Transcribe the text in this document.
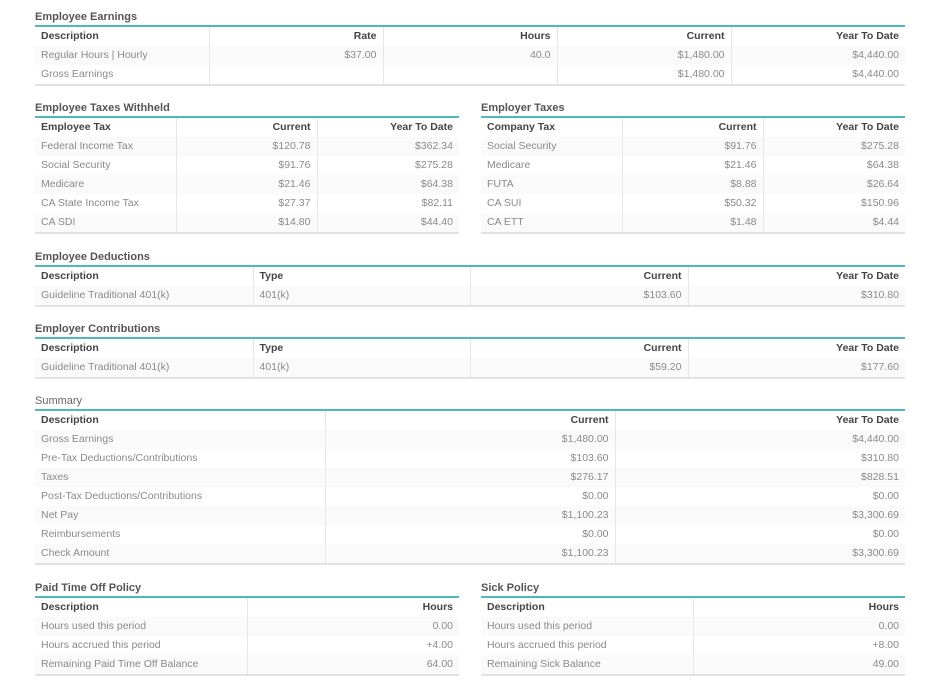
Employee Earnings
Description	Rate	Hours	Current	Year To Date
Regular Hours | Hourly	$37.00	40.0	$1,480.00	$4,440.00
Gross Earnings			$1,480.00	$4,440.00
Employee Taxes Withheld
Employee Tax	Current	Year To Date
Federal Income Tax	$120.78	$362.34
Social Security	$91.76	$275.28
Medicare	$21.46	$64.38
CA State Income Tax	$27.37	$82.11
CA SDI	$14.80	$44.40
Employer Taxes
Company Tax	Current	Year To Date
Social Security	$91.76	$275.28
Medicare	$21.46	$64.38
FUTA	$8.88	$26.64
CA SUI	$50.32	$150.96
CA ETT	$1.48	$4.44
Employee Deductions
Description	Type	Current	Year To Date
Guideline Traditional 401(k)	401(k)	$103.60	$310.80
Employer Contributions
Description	Type	Current	Year To Date
Guideline Traditional 401(k)	401(k)	$59.20	$177.60
Summary
Description	Current	Year To Date
Gross Earnings	$1,480.00	$4,440.00
Pre-Tax Deductions/Contributions	$103.60	$310.80
Taxes	$276.17	$828.51
Post-Tax Deductions/Contributions	$0.00	$0.00
Net Pay	$1,100.23	$3,300.69
Reimbursements	$0.00	$0.00
Check Amount	$1,100.23	$3,300.69
Paid Time Off Policy
Description	Hours
Hours used this period	0.00
Hours accrued this period	+4.00
Remaining Paid Time Off Balance	64.00
Sick Policy
Description	Hours
Hours used this period	0.00
Hours accrued this period	+8.00
Remaining Sick Balance	49.00
